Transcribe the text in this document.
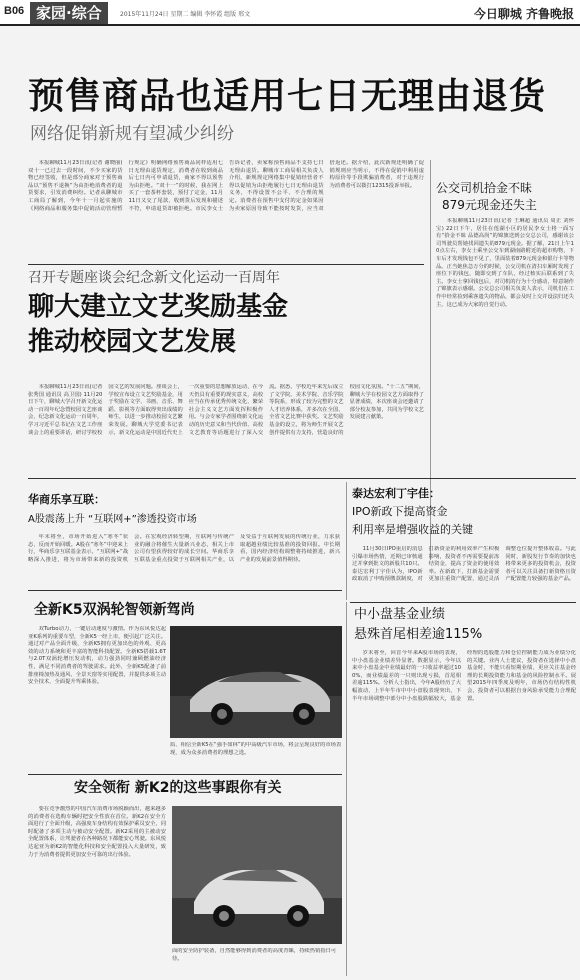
B06 家园·综合	2015年11月24日 星期二 编辑 李怀霞 组版 邢文	今日聊城 齐鲁晚报
预售商品也适用七日无理由退货
网络促销新规有望减少纠纷

本报聊城11月23日讯(记者 谢晓丽) 双十一已过去一段时间，不少买家的货物已经签收，但是部分商家对于预售商品以“预售不退换”为由拒绝消费者的退货要求，引发消费纠纷。记者从聊城市工商局了解到，今年十一月起实施的《网络商品和服务集中促销活动管理暂行规定》明确网络预售商品同样适用七日无理由退货规定，消费者在收到商品后七日内可申请退货，商家不得以预售为由拒绝。“双十一”的时候，我在网上买了一套茶杯套装，预付了定金，11月11日又交了尾款，收到货后发现和描述不符，申请退货却被拒绝。市民李女士告诉记者，卖家称预售商品不支持七日无理由退货。聊城市工商局相关负责人介绍，新规规定网络集中促销经营者不得以促销为由拒绝履行七日无理由退货义务，不得设置不公平、不合理的规定。消费者在预售中支付的定金如果因为卖家原因导致不能按时发货，应当双倍返还。据介绍，此次新规还明确了促销规则应当明示，不得在促销中利用虚构原价等手段欺骗消费者，对于违规行为消费者可以拨打12315投诉举报。	公交司机拾金不昧
879元现金还失主

本报聊城11月23日讯(记者 王琳超 通讯员 周正 刘怀宝) 22日下午，居住在莲湖小区的居民李女士将一面写有“拾金不昧 品德高尚”的锦旗送到公交总公司，感谢该公司驾驶员帮她找回遗失的879元现金。据了解，21日上午10点左右，李女士乘坐公交车到湖南路附近的超市购物，下车后才发现钱包不见了，里面装着879元现金和银行卡等物品。正当她焦急万分的时候，公交司机在清扫车厢时发现了座位下的钱包，随即交到了车队，经过核实后联系到了失主。李女士拿回钱包后，对司机的行为十分感动，特意制作了锦旗表示感谢。公交总公司相关负责人表示，司机们在工作中经常捡到乘客遗失的物品，都会及时上交并设法归还失主，这已成为大家的自觉行动。

召开专题座谈会纪念新文化运动一百周年
聊大建立文艺奖励基金
推动校园文艺发展

本报聊城11月23日讯(记者 张秀国 通讯员 高卫国) 11月20日下午，聊城大学召开新文化运动一百周年纪念暨校园文艺座谈会，纪念新文化运动一百周年，学习习近平总书记在文艺工作座谈会上的重要讲话，研讨学校校园文艺的发展问题。座谈会上，学校宣布设立文艺奖励基金，用于奖励在文学、书画、音乐、舞蹈、影视等方面取得突出成绩的师生，以进一步推动校园文艺繁荣发展。聊城大学党委书记表示，新文化运动是中国近代史上一次重要的思想解放运动，在今天仍具有重要的现实意义，高校应当在传承优秀传统文化、繁荣社会主义文艺方面发挥积极作用。与会专家学者围绕新文化运动的历史意义和当代价值、高校文艺教育等话题进行了深入交流。据悉，学校近年来先后成立了文学院、美术学院、音乐学院等院系，形成了较为完整的文艺人才培养体系，并多次在全国、全省文艺比赛中获奖。文艺奖励基金的设立，将为师生开展文艺创作提供有力支持，营造良好的校园文化氛围。“十二五”期间，聊城大学在校园文艺方面取得了显著成绩，本次座谈会还邀请了部分校友参加，共同为学校文艺发展建言献策。

华商乐享互联：
A股震荡上升 “互联网+”渗透投资市场

年末将至，市场开始进入“寒冬”状态，反而开始回暖。A股在“寒冬”中迎来上行，华商乐享互联基金表示，“互联网+”战略深入推进，将为市场带来新的投资机会。在宏观经济转型期，互联网与传统产业的融合将催生大量新兴业态，相关上市公司有望获得较好的成长空间。华商乐享互联基金重点投资于互联网相关产业，以及受益于互联网发展的传统行业，力求获取超越业绩比较基准的投资回报。中长期看，国内经济结构调整将持续推进，新兴产业的发展前景值得期待。

泰达宏利丁宇佳：
IPO新政下提高资金
利用率是增强收益的关键

11月30日IPO重启的消息引爆市场热情，近期已审核通过并拿到批文的新股共10只。泰达宏利丁宇佳认为，IPO新政取消了申购预缴款制度，对打新资金的利用效率产生积极影响，投资者不再需要提前冻结资金，提高了资金的使用效率。在新政下，打新基金需要更加注重资产配置，通过灵活调整仓位提升整体收益。与此同时，新股发行节奏的加快也将带来更多的投资机会，投资者可以关注具备打新资格且资产配置能力较强的基金产品。

全新K5双涡轮智领新驾尚

双Turbo动力，一键启动速度与激情。作为东风悦达起亚K系列的重要车型，全新K5一经上市，便引起广泛关注。通过对产品全面升级，全新K5拥有更加出色的外观、更高效的动力系统和更丰富的智能科技配置。全新K5搭载1.6T与2.0T双涡轮增压发动机，动力强劲同时兼顾燃油经济性，满足不同消费者的驾驶需求。此外，全新K5配备了前排座椅加热及通风、全景天窗等实用配置，并提供多项主动安全技术，全面提升驾乘体验。

质、相信全新K5在“强手如林”的中高级汽车市场，将会呈现良好的市场表现，成为众多消费者的理想之选。
安全领衔 新K2的这些事跟你有关

要在竞争激烈的中国汽车消费市场脱颖而出，越来越多的消费者在选购车辆时把安全性放在首位。新K2在安全方面进行了全面升级，高强度车身结构有效保护乘员安全，同时配备了多项主动与被动安全配置。新K2采用的主被动安全配置体系，让驾驶者在各种路况下都能安心驾驶。东风悦达起亚为新K2的智能化科技和安全配置投入大量研发，致力于为消费者提供更加安全可靠的出行体验。

面的安全防护装备，自然能够得到消费者的高度青睐，持续热销指日可待。
中小盘基金业绩
悬殊首尾相差逾115%

岁末将至，回首今年来A股市场的表现，中小盘基金业绩差异显著。数据显示，今年以来中小盘基金中业绩最好的一只收益率超过100%，而业绩最差的一只则出现亏损，首尾相差逾115%。分析人士指出，今年A股经历了大幅波动，上半年牛市中中小盘股表现突出，下半年市场调整中部分中小盘股跌幅较大，基金经理的选股能力和仓位控制能力成为业绩分化的关键。业内人士建议，投资者在选择中小盘基金时，不能只看短期业绩，更应关注基金经理的长期投资能力和基金的风险控制水平。展望2015年四季度及明年，市场仍有结构性机会，投资者可以根据自身风险承受能力合理配置。
